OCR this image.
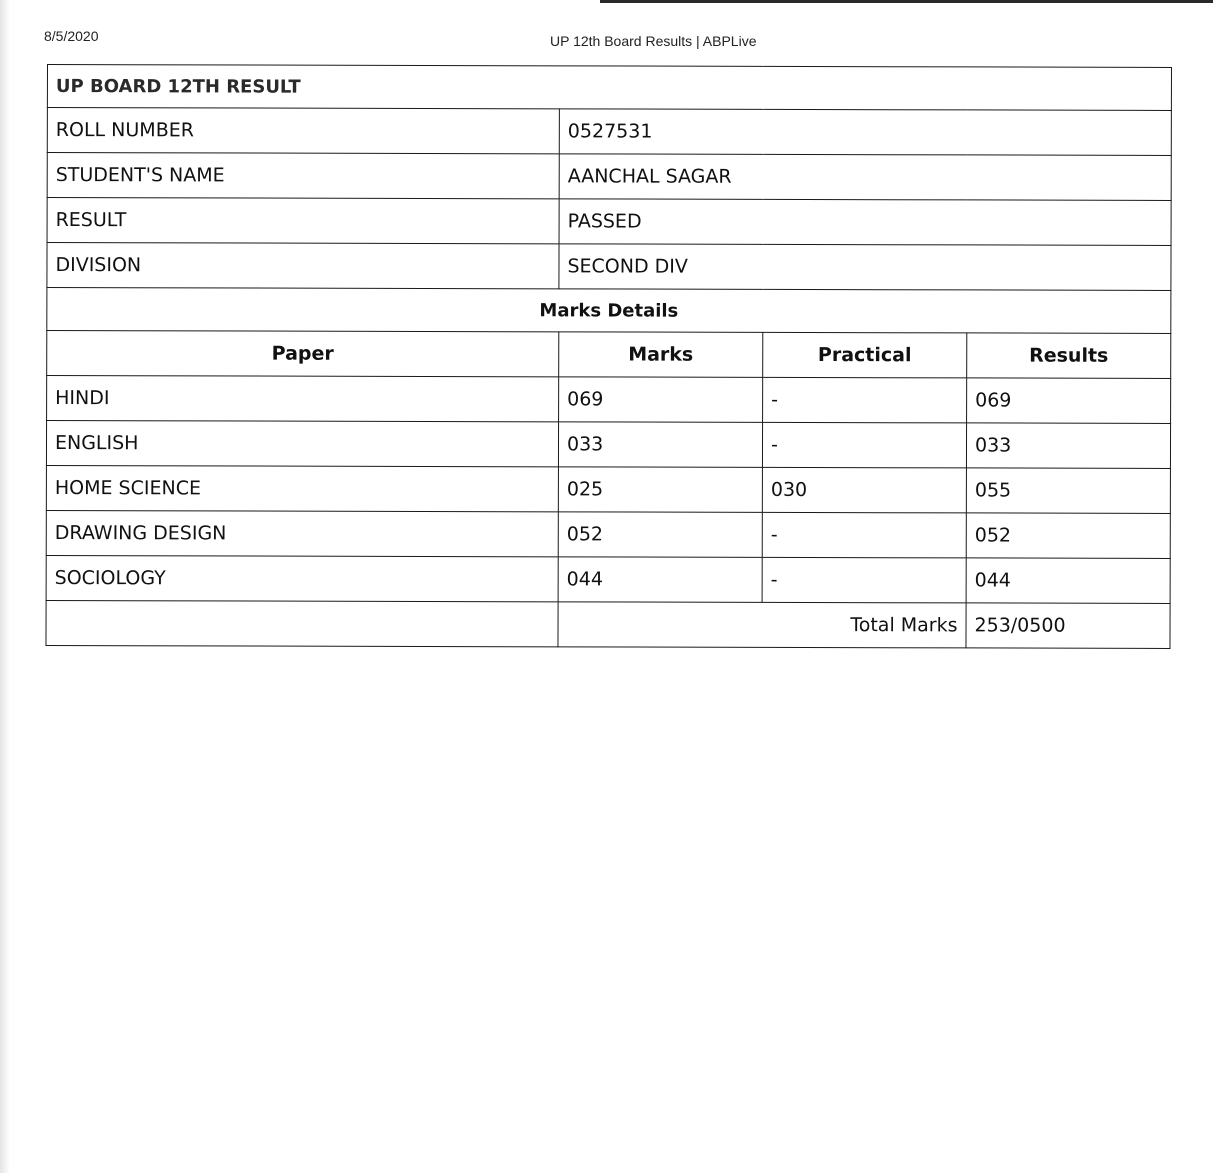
8/5/2020	UP 12th Board Results | ABPLive
UP BOARD 12TH RESULT			
ROLL NUMBER	0527531		
STUDENT'S NAME	AANCHAL SAGAR		
RESULT	PASSED		
DIVISION	SECOND DIV		
Marks Details			
Paper	Marks	Practical	Results
HINDI	069	-	069
ENGLISH	033	-	033
HOME SCIENCE	025	030	055
DRAWING DESIGN	052	-	052
SOCIOLOGY	044	-	044
	Total Marks		253/0500
